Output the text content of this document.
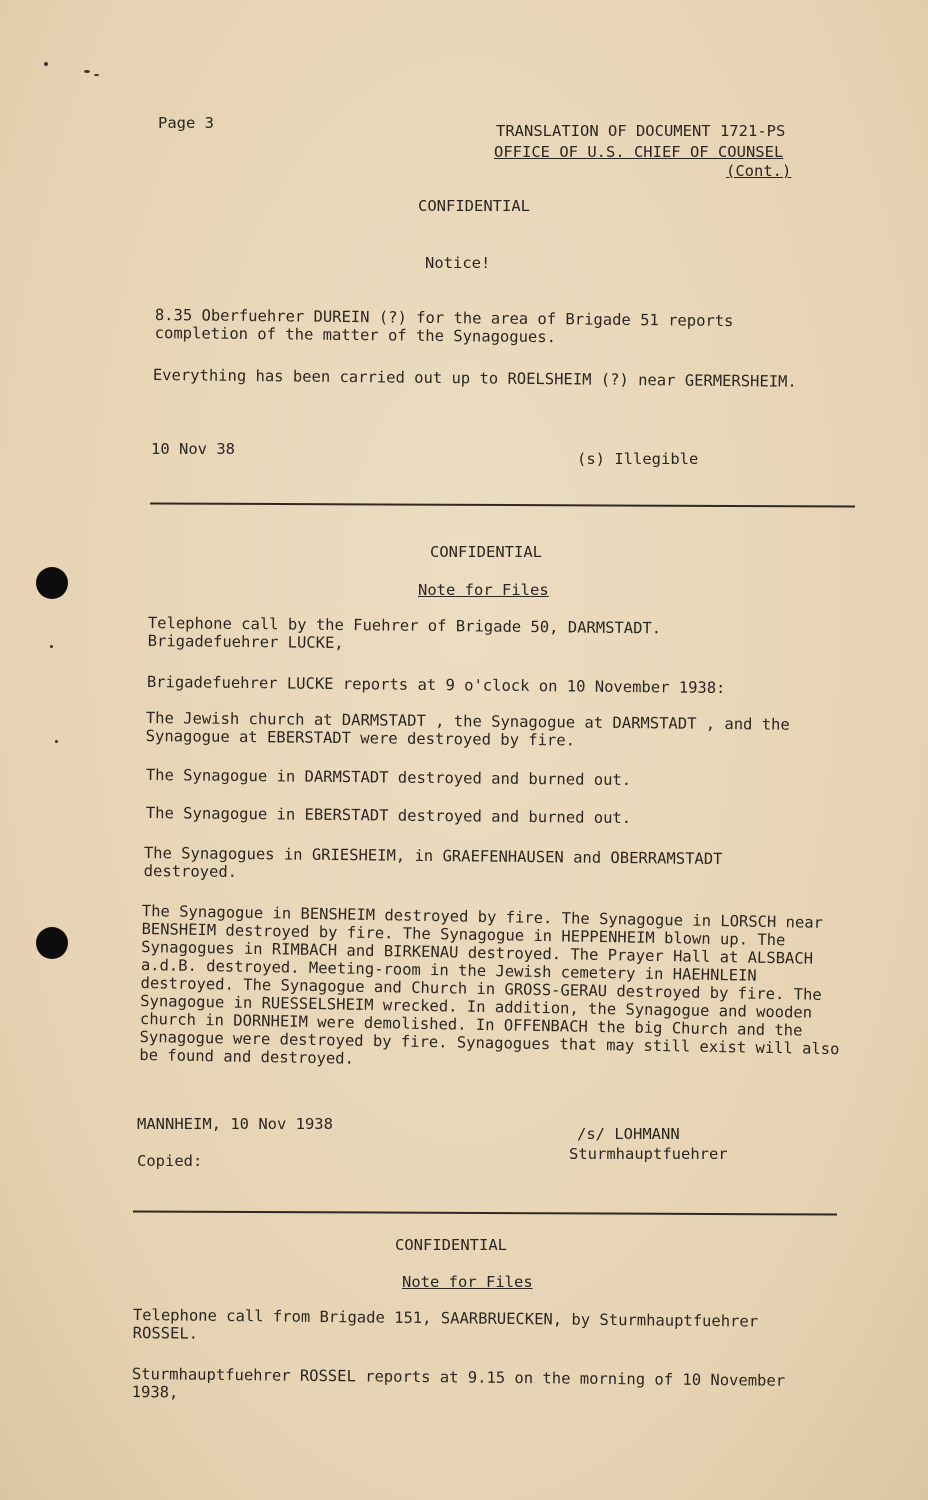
Page 3	TRANSLATION OF DOCUMENT 1721-PS
OFFICE OF U.S. CHIEF OF COUNSEL
(Cont.)
CONFIDENTIAL
Notice!
8.35 Oberfuehrer DUREIN (?) for the area of Brigade 51 reports completion of the matter of the Synagogues.
Everything has been carried out up to ROELSHEIM (?) near GERMERSHEIM.
10 Nov 38
(s) Illegible
CONFIDENTIAL
Note for Files
Telephone call by the Fuehrer of Brigade 50, DARMSTADT. Brigadefuehrer LUCKE,
Brigadefuehrer LUCKE reports at 9 o'clock on 10 November 1938:
The Jewish church at DARMSTADT , the Synagogue at DARMSTADT , and the Synagogue at EBERSTADT were destroyed by fire.
The Synagogue in DARMSTADT destroyed and burned out.
The Synagogue in EBERSTADT destroyed and burned out.
The Synagogues in GRIESHEIM, in GRAEFENHAUSEN and OBERRAMSTADT destroyed.
The Synagogue in BENSHEIM destroyed by fire. The Synagogue in LORSCH near BENSHEIM destroyed by fire. The Synagogue in HEPPENHEIM blown up. The Synagogues in RIMBACH and BIRKENAU destroyed. The Prayer Hall at ALSBACH a.d.B. destroyed. Meeting-room in the Jewish cemetery in HAEHNLEIN destroyed. The Synagogue and Church in GROSS-GERAU destroyed by fire. The Synagogue in RUESSELSHEIM wrecked. In addition, the Synagogue and wooden church in DORNHEIM were demolished. In OFFENBACH the big Church and the Synagogue were destroyed by fire. Synagogues that may still exist will also be found and destroyed.
MANNHEIM, 10 Nov 1938
/s/ LOHMANN
Sturmhauptfuehrer
Copied:
CONFIDENTIAL
Note for Files
Telephone call from Brigade 151, SAARBRUECKEN, by Sturmhauptfuehrer ROSSEL.
Sturmhauptfuehrer ROSSEL reports at 9.15 on the morning of 10 November 1938,
